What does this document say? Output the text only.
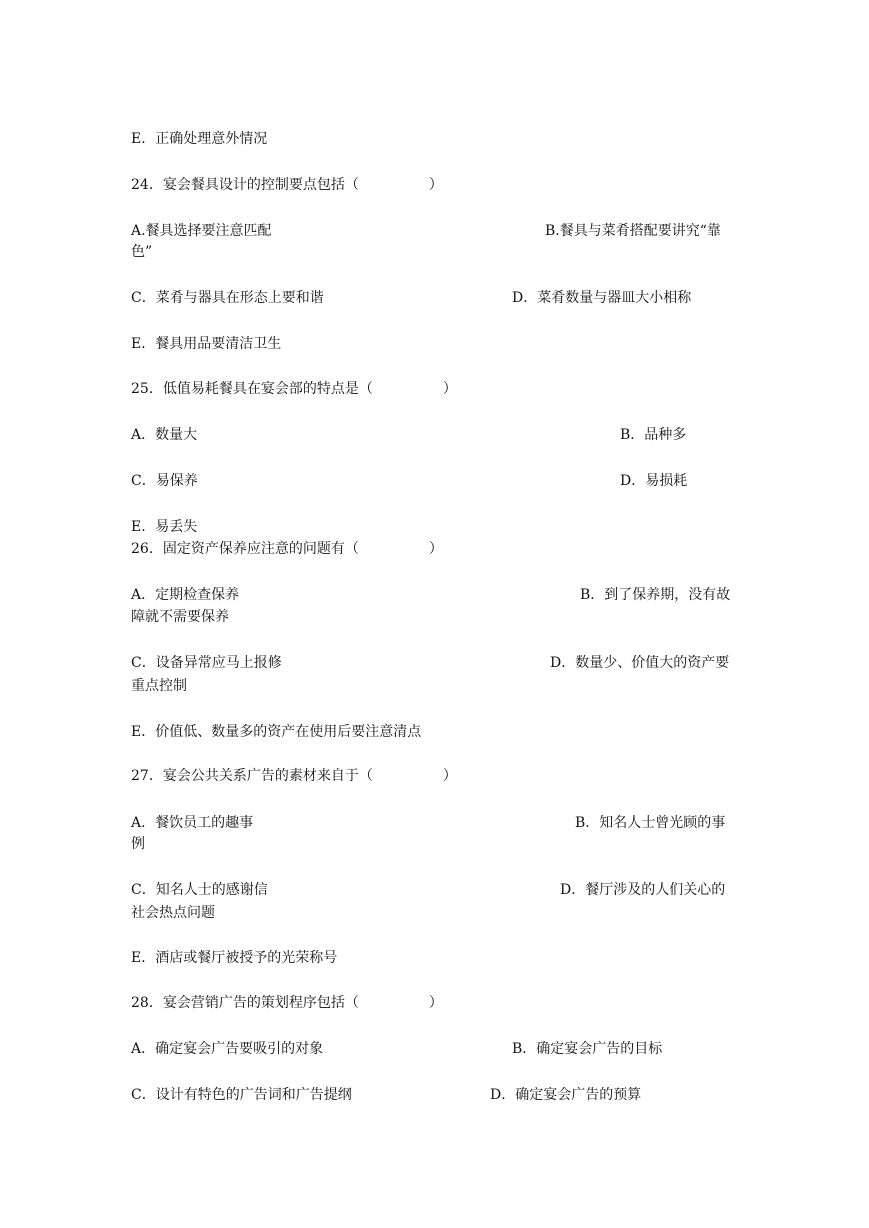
E．正确处理意外情况
24．宴会餐具设计的控制要点包括（　　　　　）
A.餐具选择要注意匹配	B.餐具与菜肴搭配要讲究“靠
色”
C．菜肴与器具在形态上要和谐	D．菜肴数量与器皿大小相称
E．餐具用品要清洁卫生
25．低值易耗餐具在宴会部的特点是（　　　　　）
A．数量大	B．品种多
C．易保养	D．易损耗
E．易丢失
26．固定资产保养应注意的问题有（　　　　　）
A．定期检查保养	B．到了保养期，没有故
障就不需要保养
C．设备异常应马上报修	D．数量少、价值大的资产要
重点控制
E．价值低、数量多的资产在使用后要注意清点
27．宴会公共关系广告的素材来自于（　　　　　）
A．餐饮员工的趣事	B．知名人士曾光顾的事
例
C．知名人士的感谢信	D．餐厅涉及的人们关心的
社会热点问题
E．酒店或餐厅被授予的光荣称号
28．宴会营销广告的策划程序包括（　　　　　）
A．确定宴会广告要吸引的对象	B．确定宴会广告的目标
C．设计有特色的广告词和广告提纲	D．确定宴会广告的预算
